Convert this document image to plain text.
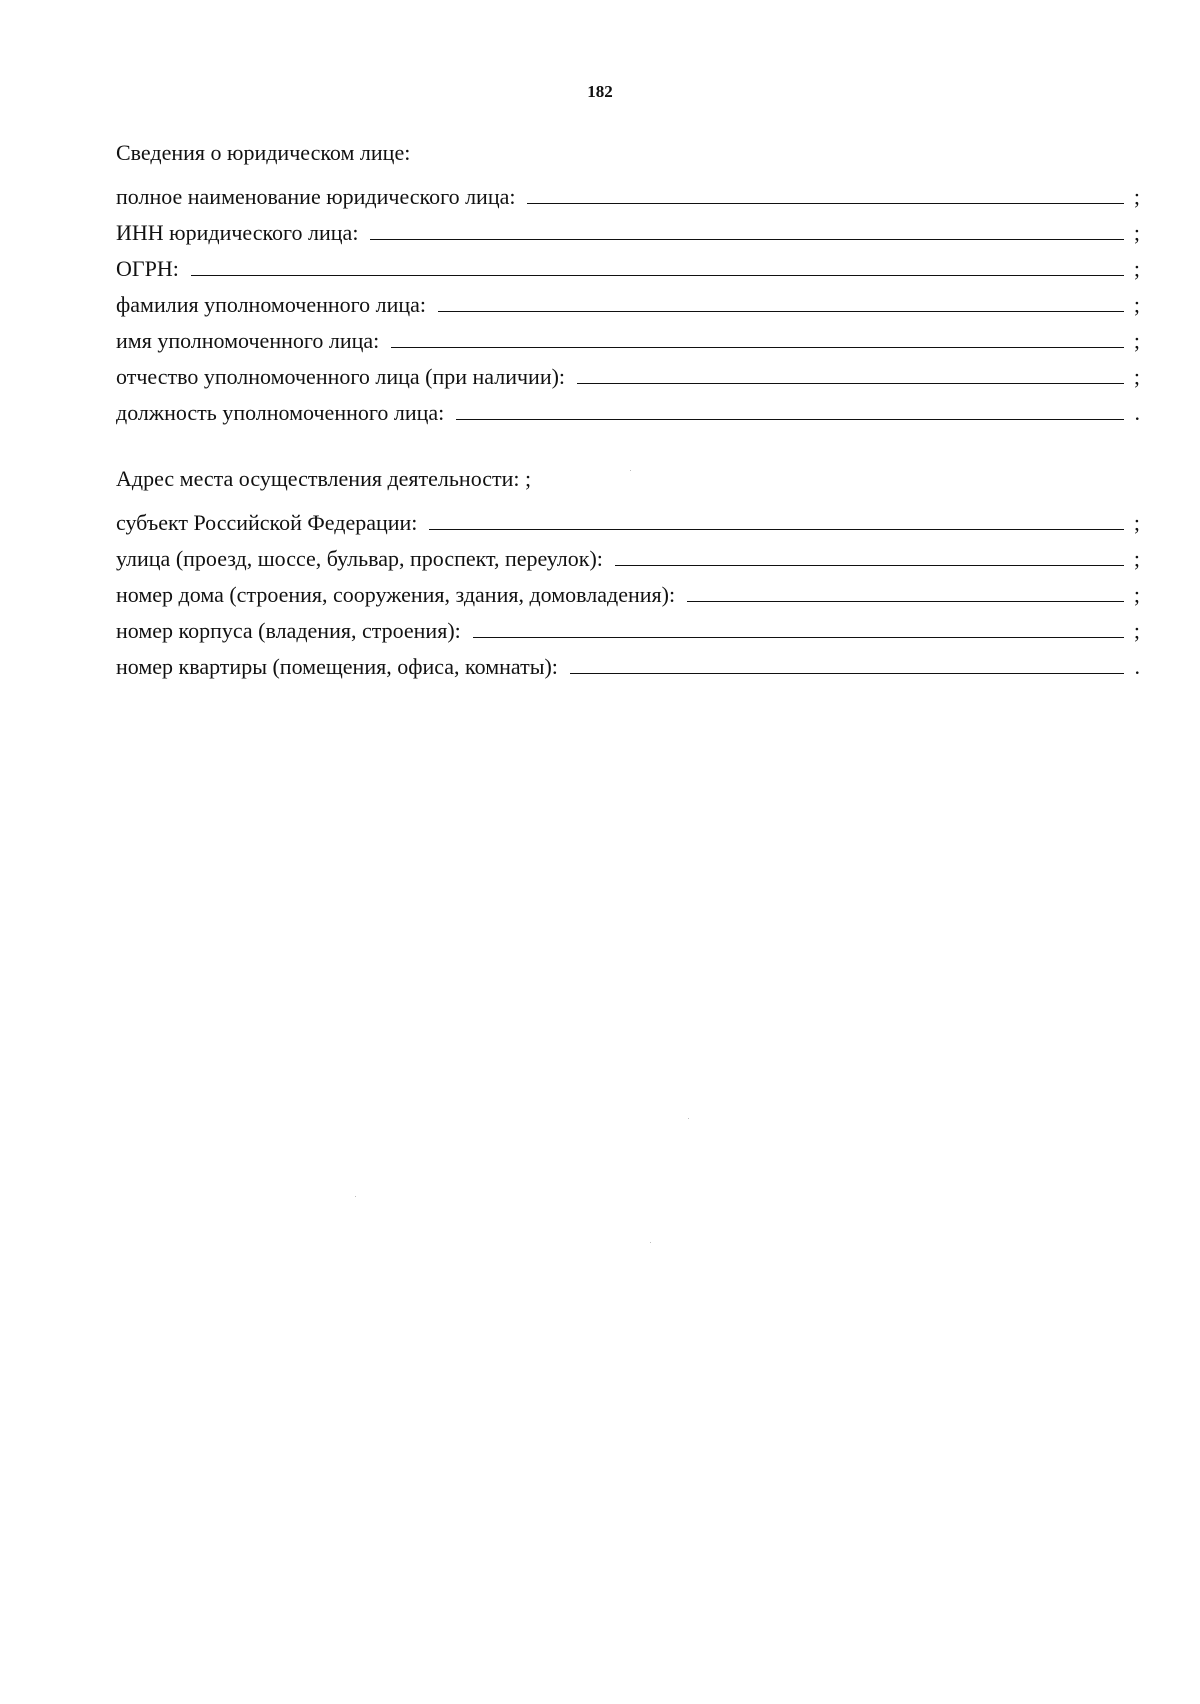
182
Сведения о юридическом лице:
полное наименование юридического лица:	;
ИНН юридического лица:	;
ОГРН:	;
фамилия уполномоченного лица:	;
имя уполномоченного лица:	;
отчество уполномоченного лица (при наличии):	;
должность уполномоченного лица:	.
Адрес места осуществления деятельности: ;
субъект Российской Федерации:	;
улица (проезд, шоссе, бульвар, проспект, переулок):	;
номер дома (строения, сооружения, здания, домовладения):	;
номер корпуса (владения, строения):	;
номер квартиры (помещения, офиса, комнаты):	.
